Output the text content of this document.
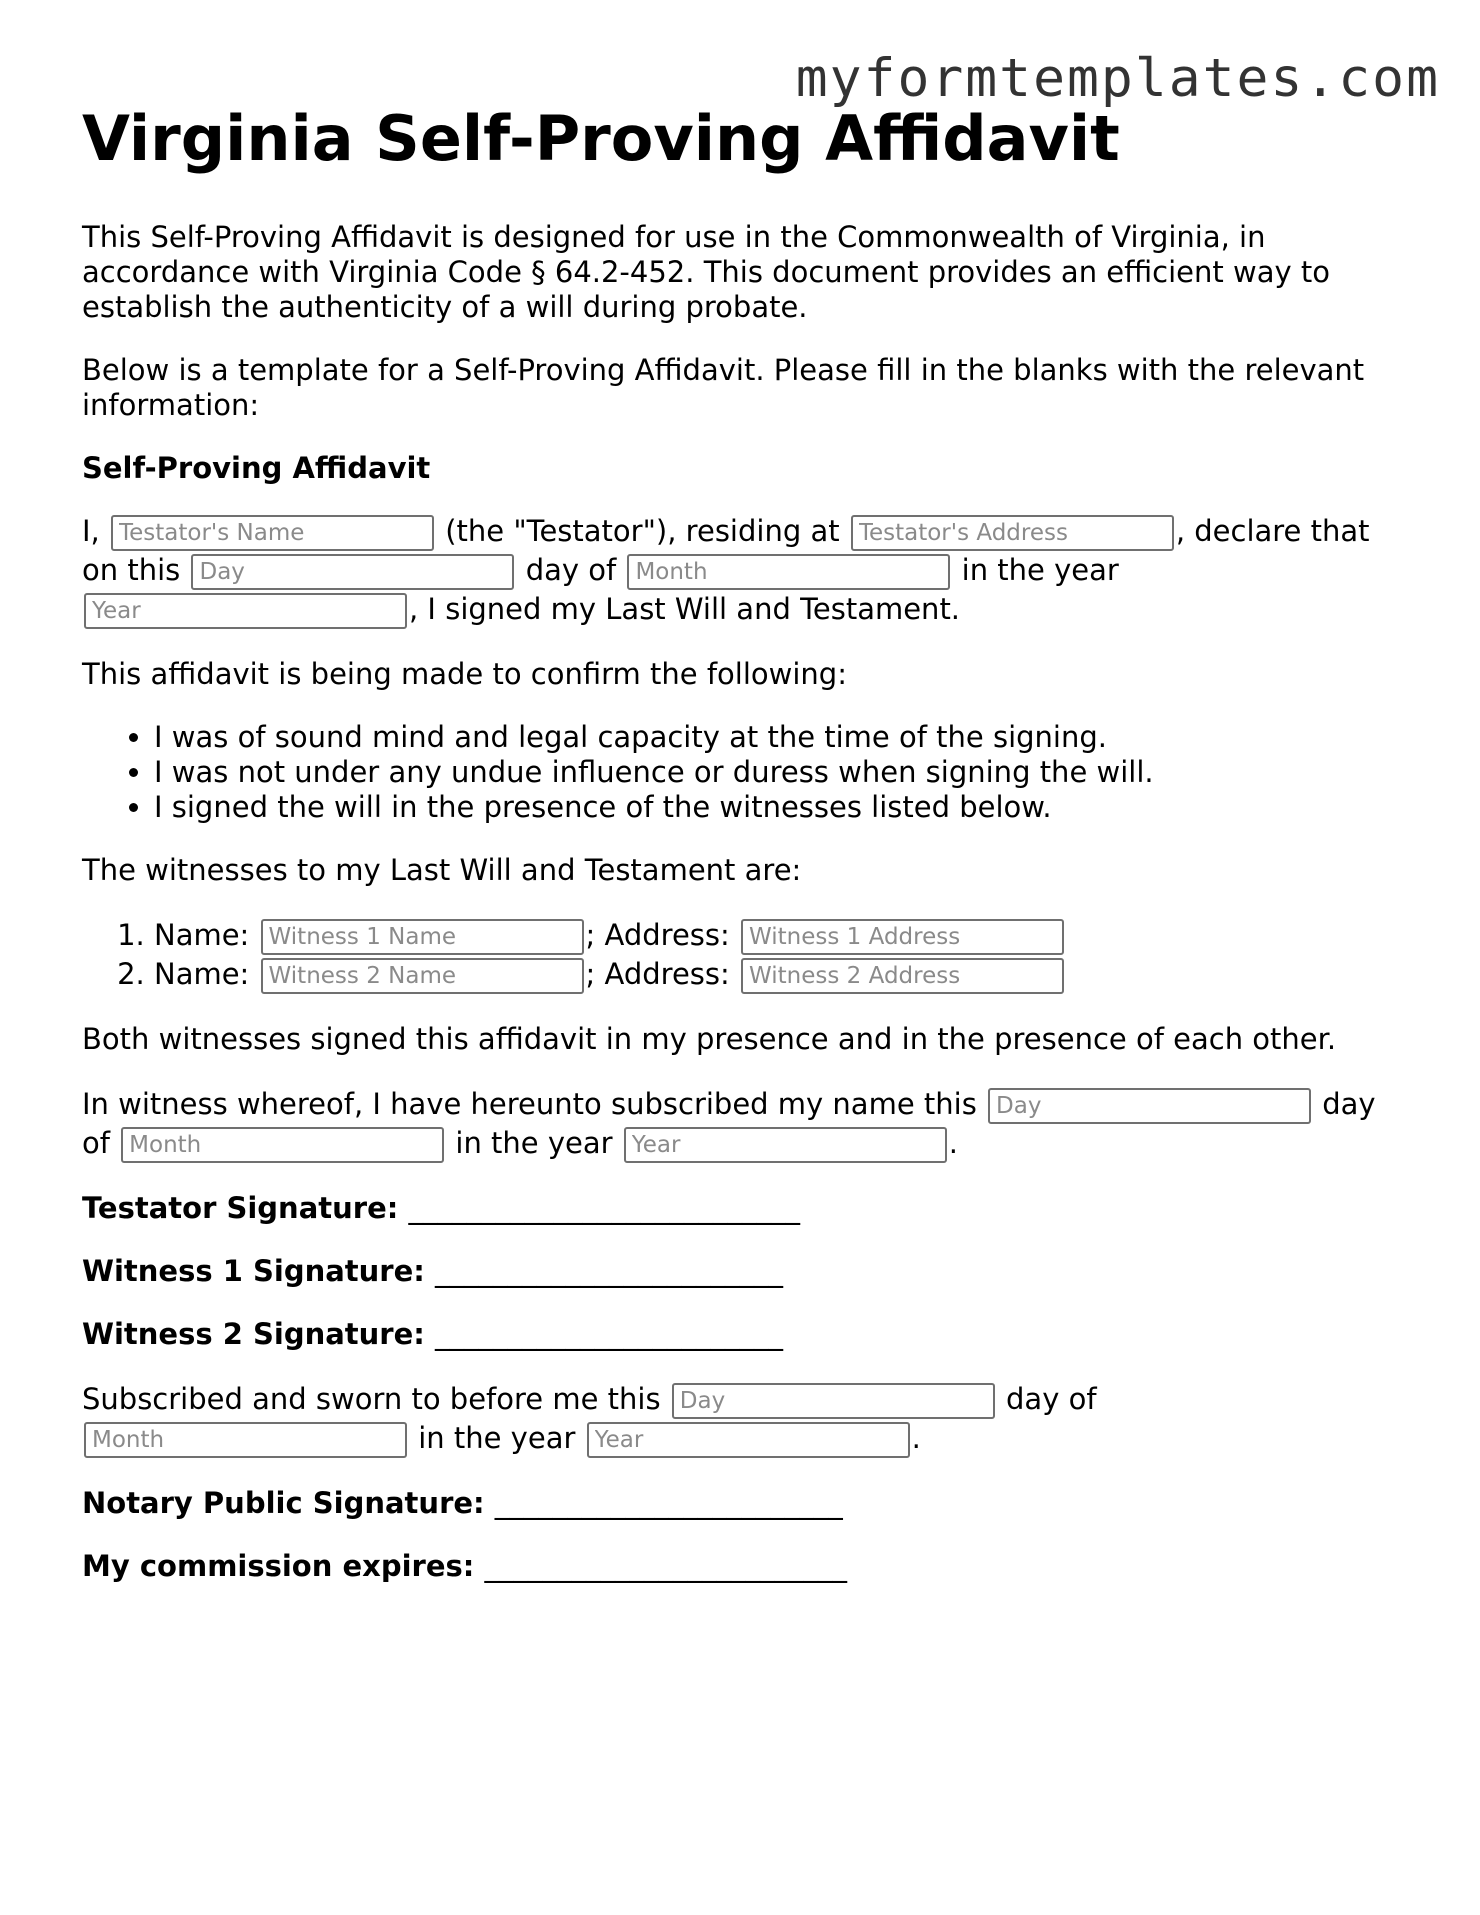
myformtemplates.com
Virginia Self-Proving Affidavit

This Self-Proving Affidavit is designed for use in the Commonwealth of Virginia, in accordance with Virginia Code § 64.2-452. This document provides an efficient way to establish the authenticity of a will during probate.

Below is a template for a Self-Proving Affidavit. Please fill in the blanks with the relevant information:

Self-Proving Affidavit

I, Testator's Name	(the "Testator"), residing at Testator's Address	, declare that on this Day	day of Month	in the year Year, I signed my Last Will and Testament.

This affidavit is being made to confirm the following:

• I was of sound mind and legal capacity at the time of the signing.
• I was not under any undue influence or duress when signing the will.
• I signed the will in the presence of the witnesses listed below.

The witnesses to my Last Will and Testament are:

1. Name: Witness 1 Name	; Address: Witness 1 Address
2. Name: Witness 2 Name	; Address: Witness 2 Address

Both witnesses signed this affidavit in my presence and in the presence of each other.

In witness whereof, I have hereunto subscribed my name this Day	day of Month	in the year Year	.

Testator Signature: ___________________________

Witness 1 Signature: ________________________

Witness 2 Signature: ________________________

Subscribed and sworn to before me this Day	day of Month in the year Year	.

Notary Public Signature: ________________________

My commission expires: _________________________
